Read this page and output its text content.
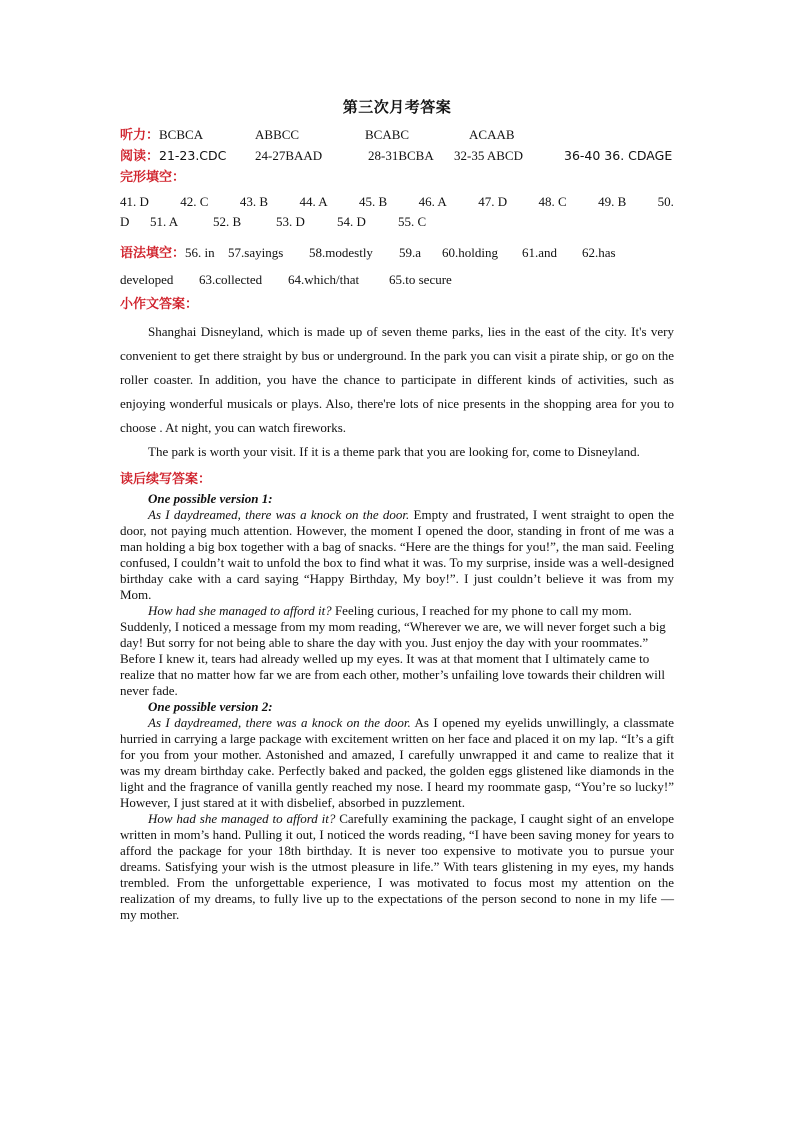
第三次月考答案
听力：BCBCA	ABBCC	BCABC	ACAAB
阅读：21-23.CDC 24-27BAAD	28-31BCBA 32-35 ABCD	36-40 36. CDAGE
完形填空：
41. D 42. C 43. B 44. A 45. B 46. A 47. D 48. C 49. B 50.
D 51. A	52. B	53. D 54. D 55. C
语法填空：56. in 57.sayings 58.modestly 59.a 60.holding 61.and 62.has
developed 63.collected 64.which/that 65.to secure
小作文答案：

Shanghai Disneyland, which is made up of seven theme parks, lies in the east of the city. It's very convenient to get there straight by bus or underground. In the park you can visit a pirate ship, or go on the roller coaster. In addition, you have the chance to participate in different kinds of activities, such as enjoying wonderful musicals or plays. Also, there're lots of nice presents in the shopping area for you to choose . At night, you can watch fireworks.

The park is worth your visit. If it is a theme park that you are looking for, come to Disneyland.

读后续写答案：

One possible version 1:

As I daydreamed, there was a knock on the door. Empty and frustrated, I went straight to open the door, not paying much attention. However, the moment I opened the door, standing in front of me was a man holding a big box together with a bag of snacks. “Here are the things for you!”, the man said. Feeling confused, I couldn’t wait to unfold the box to find what it was. To my surprise, inside was a well-designed birthday cake with a card saying “Happy Birthday, My boy!”. I just couldn’t believe it was from my Mom.

How had she managed to afford it? Feeling curious, I reached for my phone to call my mom. Suddenly, I noticed a message from my mom reading, “Wherever we are, we will never forget such a big day! But sorry for not being able to share the day with you. Just enjoy the day with your roommates.” Before I knew it, tears had already welled up my eyes. It was at that moment that I ultimately came to realize that no matter how far we are from each other, mother’s unfailing love towards their children will never fade.

One possible version 2:

As I daydreamed, there was a knock on the door. As I opened my eyelids unwillingly, a classmate hurried in carrying a large package with excitement written on her face and placed it on my lap. “It’s a gift for you from your mother. Astonished and amazed, I carefully unwrapped it and came to realize that it was my dream birthday cake. Perfectly baked and packed, the golden eggs glistened like diamonds in the light and the fragrance of vanilla gently reached my nose. I heard my roommate gasp, “You’re so lucky!” However, I just stared at it with disbelief, absorbed in puzzlement.

How had she managed to afford it? Carefully examining the package, I caught sight of an envelope written in mom’s hand. Pulling it out, I noticed the words reading, “I have been saving money for years to afford the package for your 18th birthday. It is never too expensive to motivate you to pursue your dreams. Satisfying your wish is the utmost pleasure in life.” With tears glistening in my eyes, my hands trembled. From the unforgettable experience, I was motivated to focus most my attention on the realization of my dreams, to fully live up to the expectations of the person second to none in my life — my mother.
